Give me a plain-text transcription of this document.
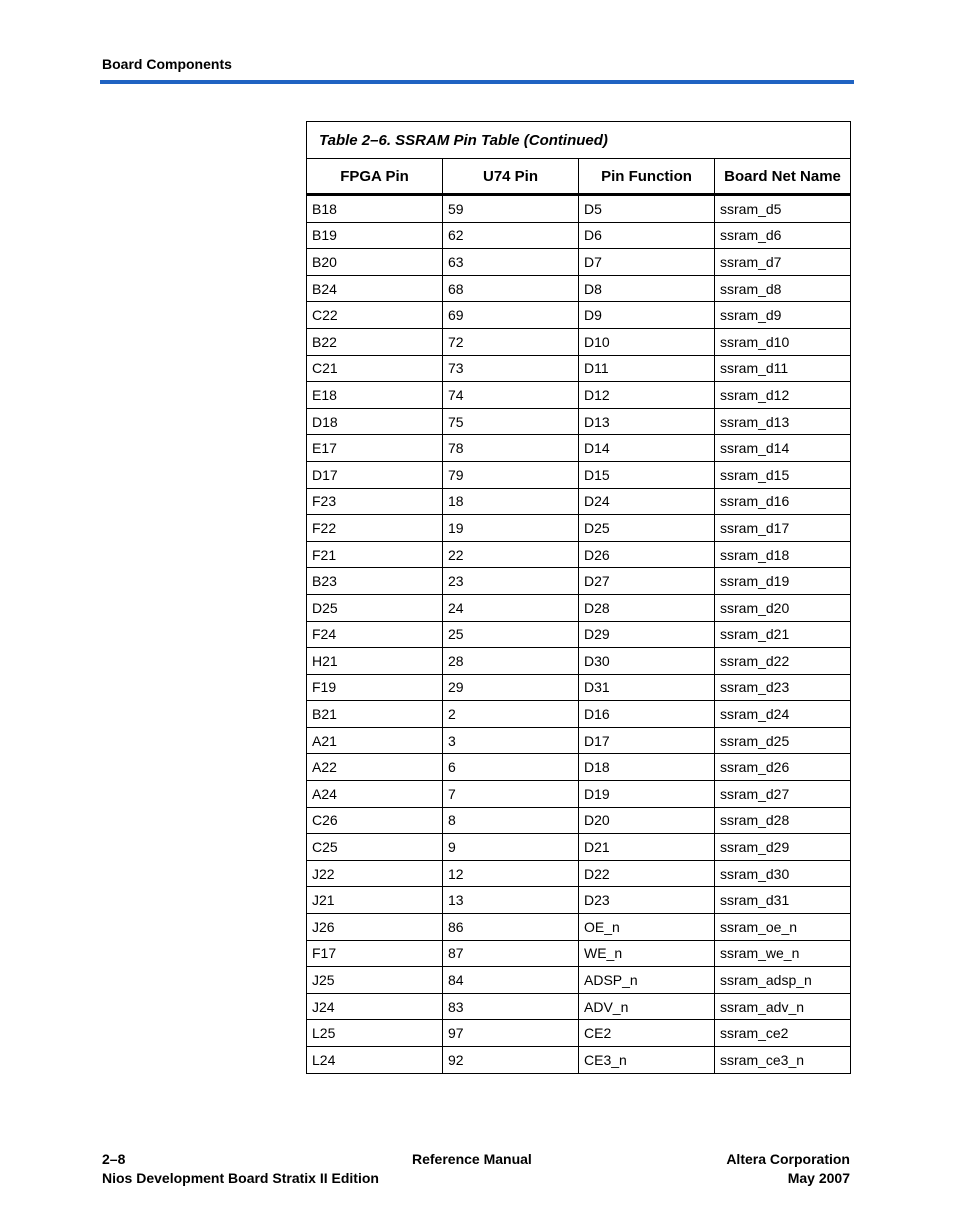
Board Components
Table 2–6. SSRAM Pin Table (Continued)			
FPGA Pin	U74 Pin	Pin Function	Board Net Name
B18	59	D5	ssram_d5
B19	62	D6	ssram_d6
B20	63	D7	ssram_d7
B24	68	D8	ssram_d8
C22	69	D9	ssram_d9
B22	72	D10	ssram_d10
C21	73	D11	ssram_d11
E18	74	D12	ssram_d12
D18	75	D13	ssram_d13
E17	78	D14	ssram_d14
D17	79	D15	ssram_d15
F23	18	D24	ssram_d16
F22	19	D25	ssram_d17
F21	22	D26	ssram_d18
B23	23	D27	ssram_d19
D25	24	D28	ssram_d20
F24	25	D29	ssram_d21
H21	28	D30	ssram_d22
F19	29	D31	ssram_d23
B21	2	D16	ssram_d24
A21	3	D17	ssram_d25
A22	6	D18	ssram_d26
A24	7	D19	ssram_d27
C26	8	D20	ssram_d28
C25	9	D21	ssram_d29
J22	12	D22	ssram_d30
J21	13	D23	ssram_d31
J26	86	OE_n	ssram_oe_n
F17	87	WE_n	ssram_we_n
J25	84	ADSP_n	ssram_adsp_n
J24	83	ADV_n	ssram_adv_n
L25	97	CE2	ssram_ce2
L24	92	CE3_n	ssram_ce3_n
2–8
Nios Development Board Stratix II Edition
Reference Manual	Altera Corporation
May 2007
